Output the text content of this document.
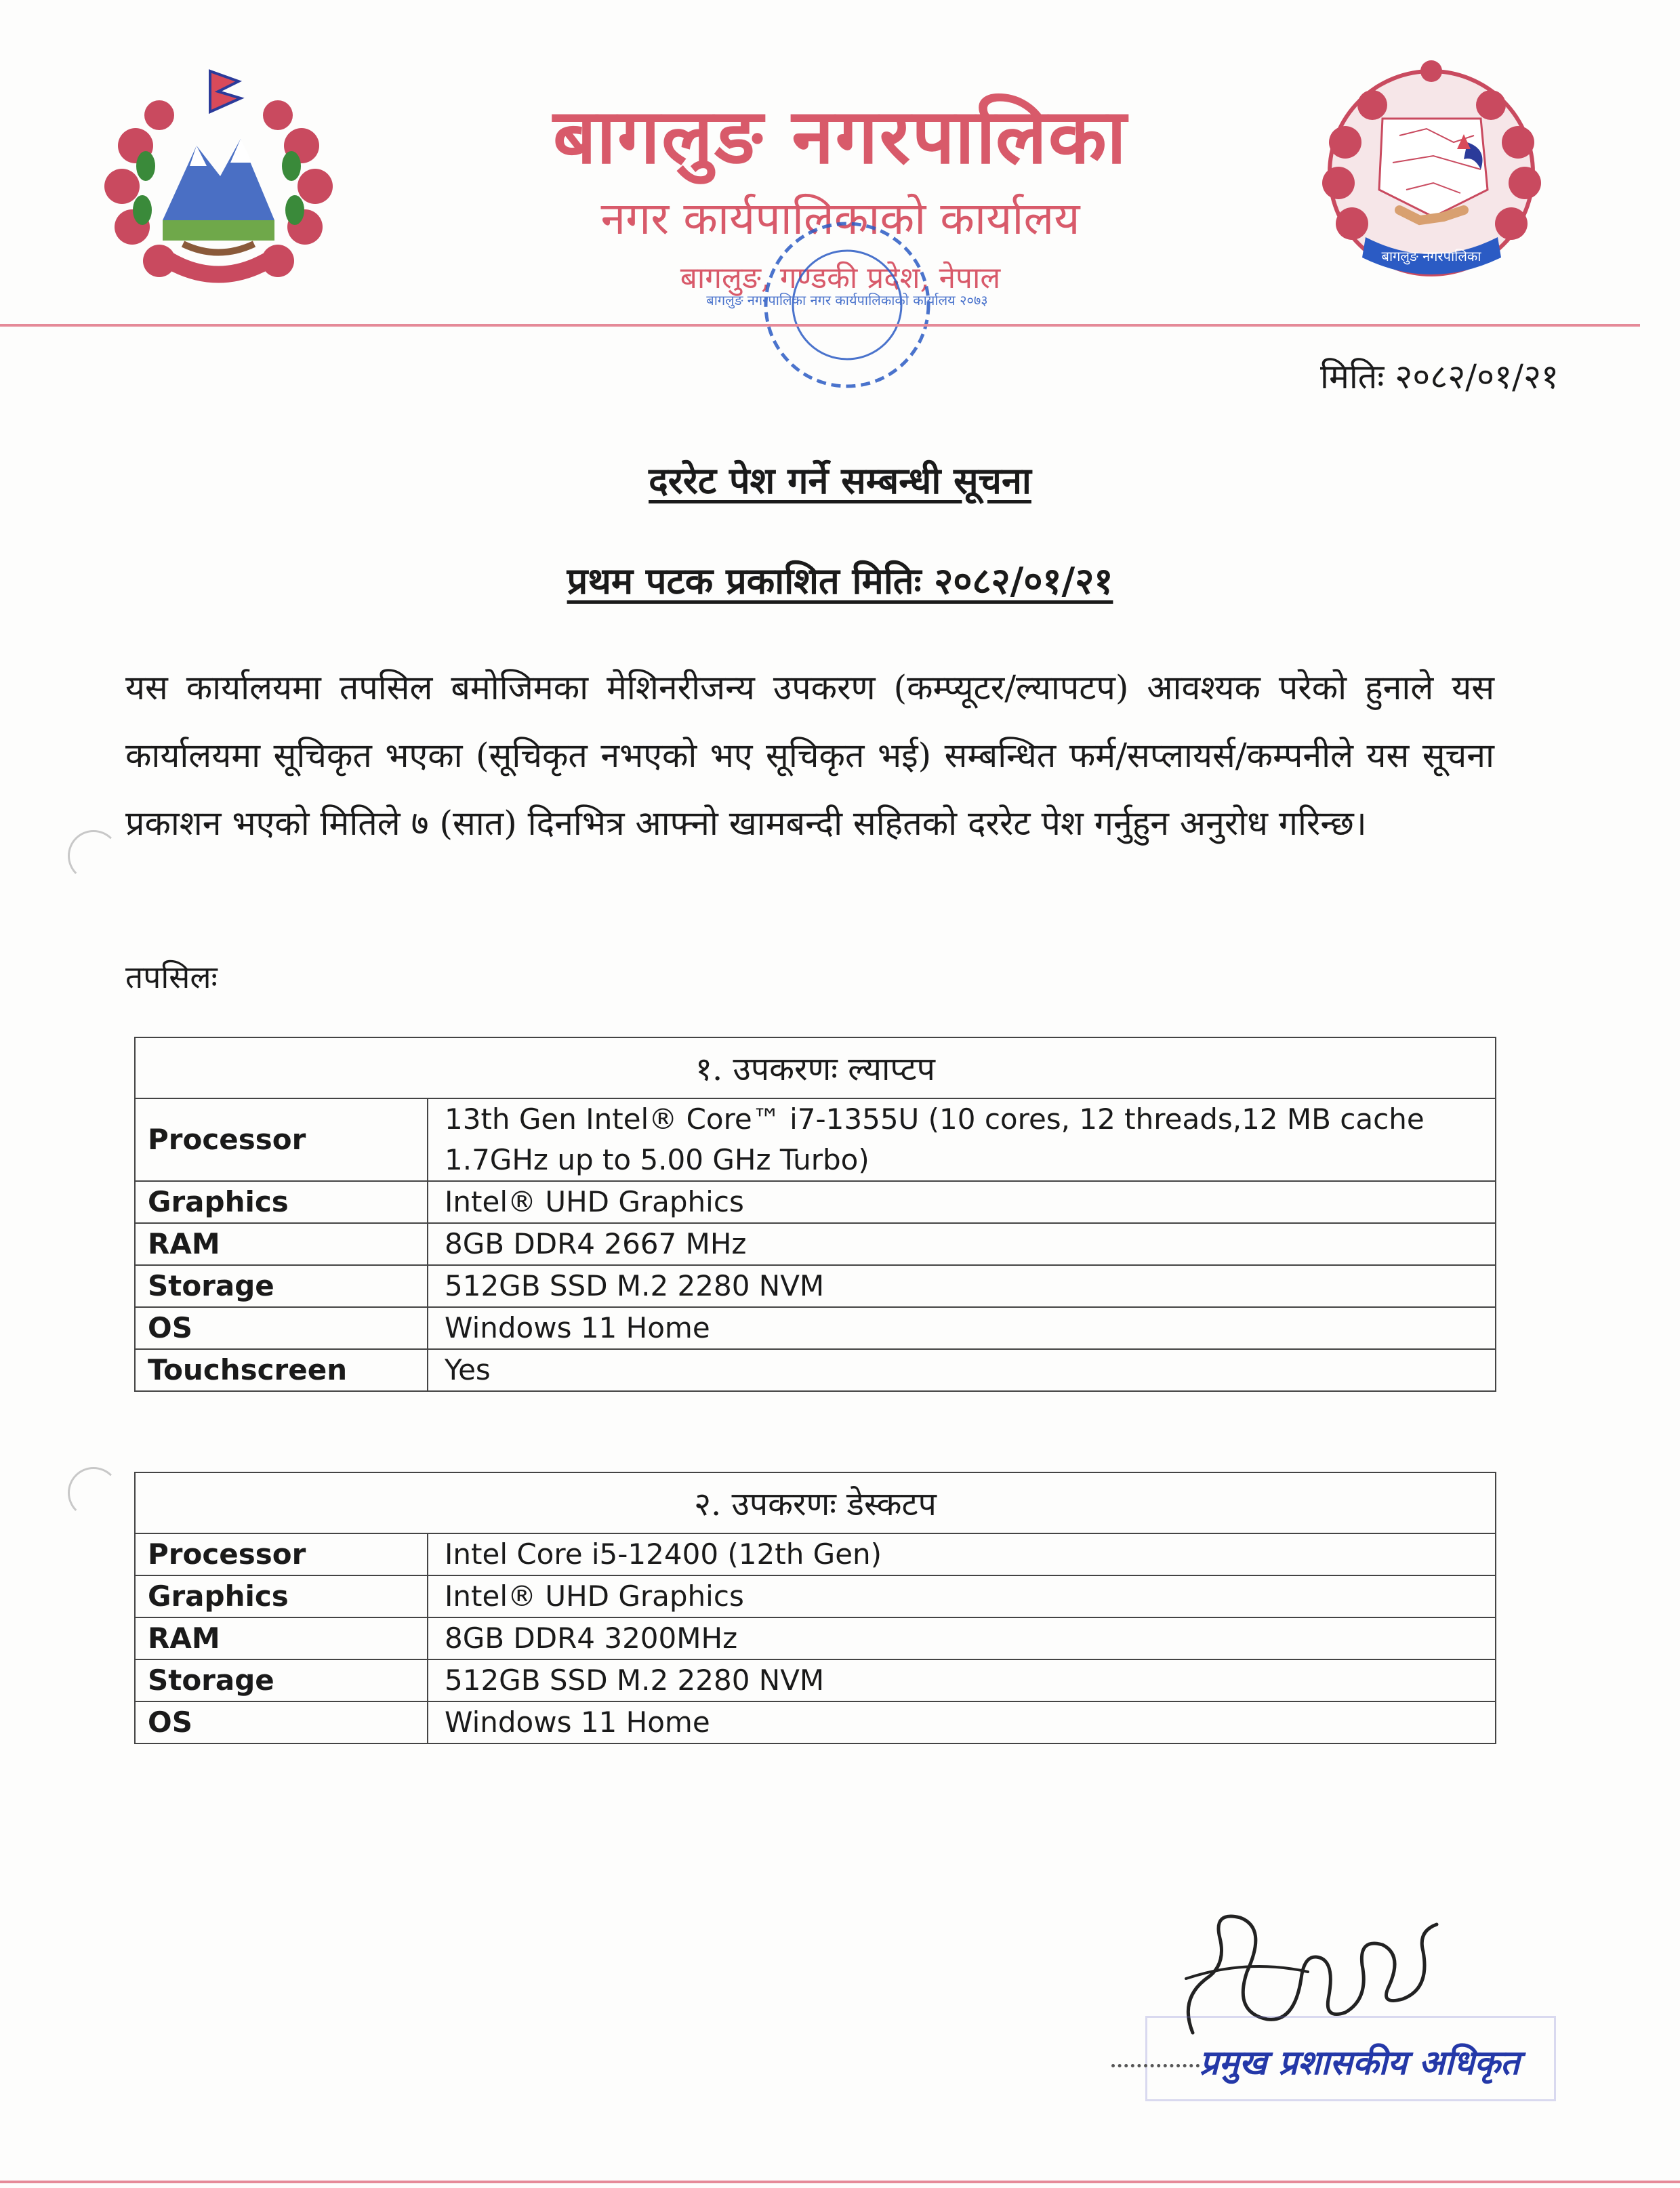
बागलुङ नगरपालिका
बागलुङ नगरपालिका
नगर कार्यपालिकाको कार्यालय
बागलुङ, गण्डकी प्रदेश, नेपाल
बागलुङ नगरपालिका नगर कार्यपालिकाको कार्यालय २०७३
मितिः २०८२/०१/२१
दररेट पेश गर्ने सम्बन्धी सूचना
प्रथम पटक प्रकाशित मितिः २०८२/०१/२१
यस कार्यालयमा तपसिल बमोजिमका मेशिनरीजन्य उपकरण (कम्प्यूटर/ल्यापटप) आवश्यक परेको हुनाले यस कार्यालयमा सूचिकृत भएका (सूचिकृत नभएको भए सूचिकृत भई) सम्बन्धित फर्म/सप्लायर्स/कम्पनीले यस सूचना प्रकाशन भएको मितिले ७ (सात) दिनभित्र आफ्नो खामबन्दी सहितको दररेट पेश गर्नुहुन अनुरोध गरिन्छ।
तपसिलः
१. उपकरणः ल्याप्टप	
Processor	13th Gen Intel® Core™ i7-1355U (10 cores, 12 threads,12 MB cache 1.7GHz up to 5.00 GHz Turbo)
Graphics	Intel® UHD Graphics
RAM	8GB DDR4 2667 MHz
Storage	512GB SSD M.2 2280 NVM
OS	Windows 11 Home
Touchscreen	Yes
२. उपकरणः डेस्कटप	
Processor	Intel Core i5-12400 (12th Gen)
Graphics	Intel® UHD Graphics
RAM	8GB DDR4 3200MHz
Storage	512GB SSD M.2 2280 NVM
OS	Windows 11 Home
प्रमुख प्रशासकीय अधिकृत
